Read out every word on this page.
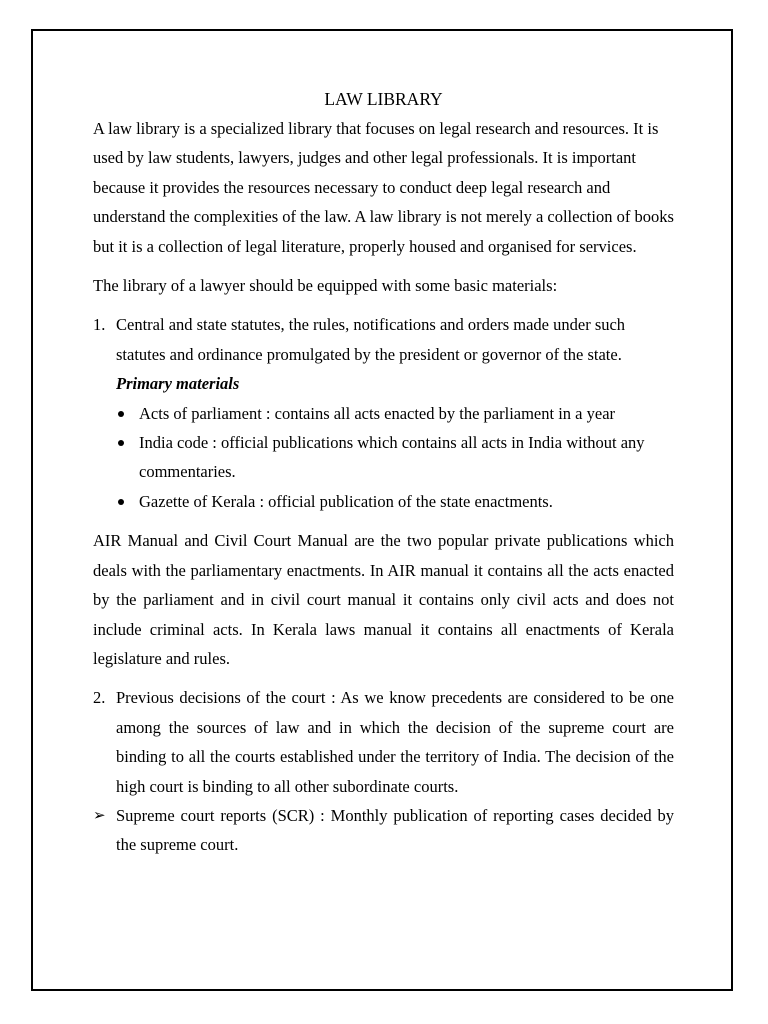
LAW LIBRARY

A law library is a specialized library that focuses on legal research and resources. It is used by law students, lawyers, judges and other legal professionals. It is important because it provides the resources necessary to conduct deep legal research and understand the complexities of the law. A law library is not merely a collection of books but it is a collection of legal literature, properly housed and organised for services.

The library of a lawyer should be equipped with some basic materials:

1. Central and state statutes, the rules, notifications and orders made under such statutes and ordinance promulgated by the president or governor of the state.

Primary materials

Acts of parliament : contains all acts enacted by the parliament in a year
India code : official publications which contains all acts in India without any commentaries.
Gazette of Kerala : official publication of the state enactments.

AIR Manual and Civil Court Manual are the two popular private publications which deals with the parliamentary enactments. In AIR manual it contains all the acts enacted by the parliament and in civil court manual it contains only civil acts and does not include criminal acts. In Kerala laws manual it contains all enactments of Kerala legislature and rules.

2. Previous decisions of the court : As we know precedents are considered to be one among the sources of law and in which the decision of the supreme court are binding to all the courts established under the territory of India. The decision of the high court is binding to all other subordinate courts.

➢ Supreme court reports (SCR) : Monthly publication of reporting cases decided by the supreme court.
